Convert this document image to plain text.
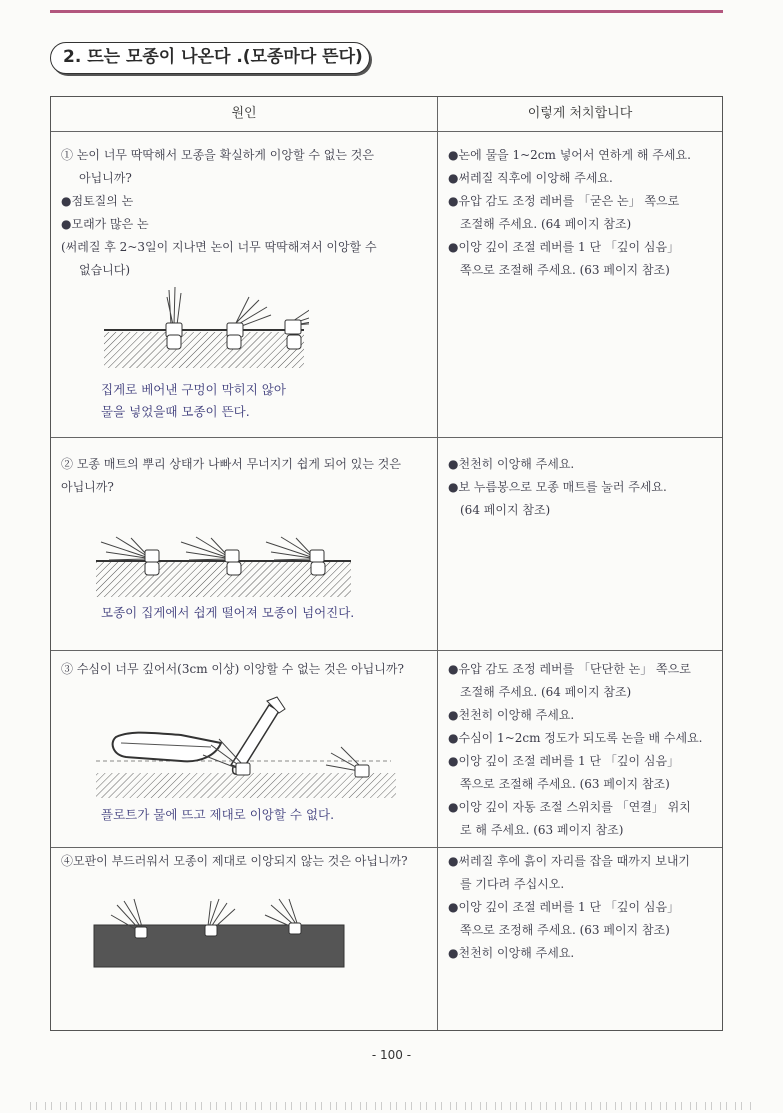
2. 뜨는 모종이 나온다 .(모종마다 뜬다)
원인	이렇게 처치합니다

① 논이 너무 딱딱해서 모종을 확실하게 이앙할 수 없는 것은

아닙니까?

●점토질의 논

●모래가 많은 논

(써레질 후 2~3일이 지나면 논이 너무 딱딱해져서 이앙할 수

없습니다)

집게로 베어낸 구멍이 막히지 않아

물을 넣었을때 모종이 뜬다.

●논에 물을 1~2cm 넣어서 연하게 해 주세요.

●써레질 직후에 이앙해 주세요.

●유압 감도 조정 레버를 「굳은 논」 쪽으로

조절해 주세요. (64 페이지 참조)

●이앙 깊이 조절 레버를 1 단 「깊이 심음」

쪽으로 조절해 주세요. (63 페이지 참조)

② 모종 매트의 뿌리 상태가 나빠서 무너지기 쉽게 되어 있는 것은

아닙니까?

모종이 집게에서 쉽게 떨어져 모종이 넘어진다.

●천천히 이앙해 주세요.

●보 누름봉으로 모종 매트를 눌러 주세요.

(64 페이지 참조)

③ 수심이 너무 깊어서(3cm 이상) 이앙할 수 없는 것은 아닙니까?

플로트가 물에 뜨고 제대로 이앙할 수 없다.

●유압 감도 조정 레버를 「단단한 논」 쪽으로

조절해 주세요. (64 페이지 참조)

●천천히 이앙해 주세요.

●수심이 1~2cm 정도가 되도록 논을 배 수세요.

●이앙 깊이 조절 레버를 1 단 「깊이 심음」

쪽으로 조절해 주세요. (63 페이지 참조)

●이앙 깊이 자동 조절 스위치를 「연결」 위치

로 해 주세요. (63 페이지 참조)

④모판이 부드러워서 모종이 제대로 이앙되지 않는 것은 아닙니까?	●써레질 후에 흙이 자리를 잡을 때까지 보내기

를 기다려 주십시오.

●이앙 깊이 조절 레버를 1 단 「깊이 심음」

쪽으로 조정해 주세요. (63 페이지 참조)

●천천히 이앙해 주세요.

- 100 -
